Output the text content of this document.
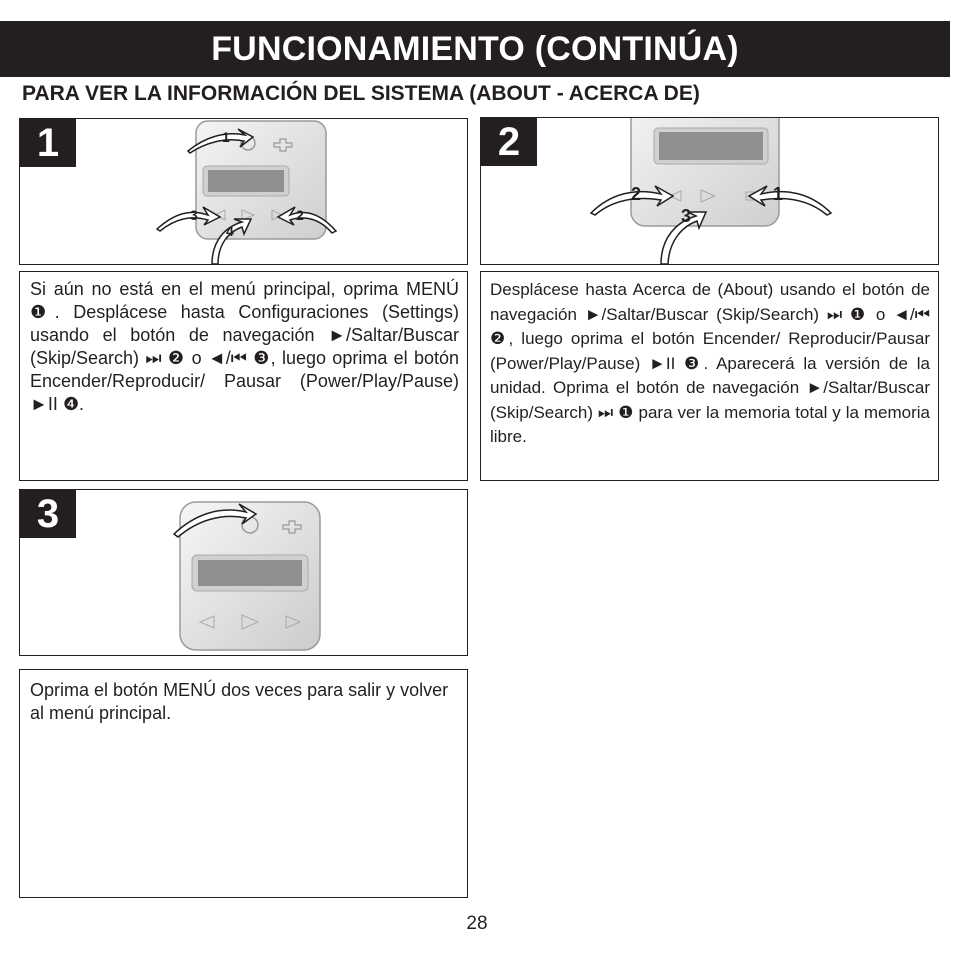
FUNCIONAMIENTO (CONTINÚA)
PARA VER LA INFORMACIÓN DEL SISTEMA (ABOUT - ACERCA DE)
1	1
3	2
4
Si aún no está en el menú principal, oprima MENÚ ❶. Desplácese hasta Configuraciones (Settings) usando el botón de navegación ►/Saltar/Buscar (Skip/Search) ⏭ ❷ o ◄/⏮ ❸, luego oprima el botón Encender/Reproducir/ Pausar (Power/Play/Pause) ►II ❹.
2
2	1
3
Desplácese hasta Acerca de (About) usando el botón de navegación ►/Saltar/Buscar (Skip/Search) ⏭ ❶ o ◄/⏮ ❷, luego oprima el botón Encender/ Reproducir/Pausar (Power/Play/Pause) ►II ❸. Aparecerá la versión de la unidad. Oprima el botón de navegación ►/Saltar/Buscar (Skip/Search) ⏭ ❶ para ver la memoria total y la memoria libre.
3
Oprima el botón MENÚ dos veces para salir y volver al menú principal.
28
